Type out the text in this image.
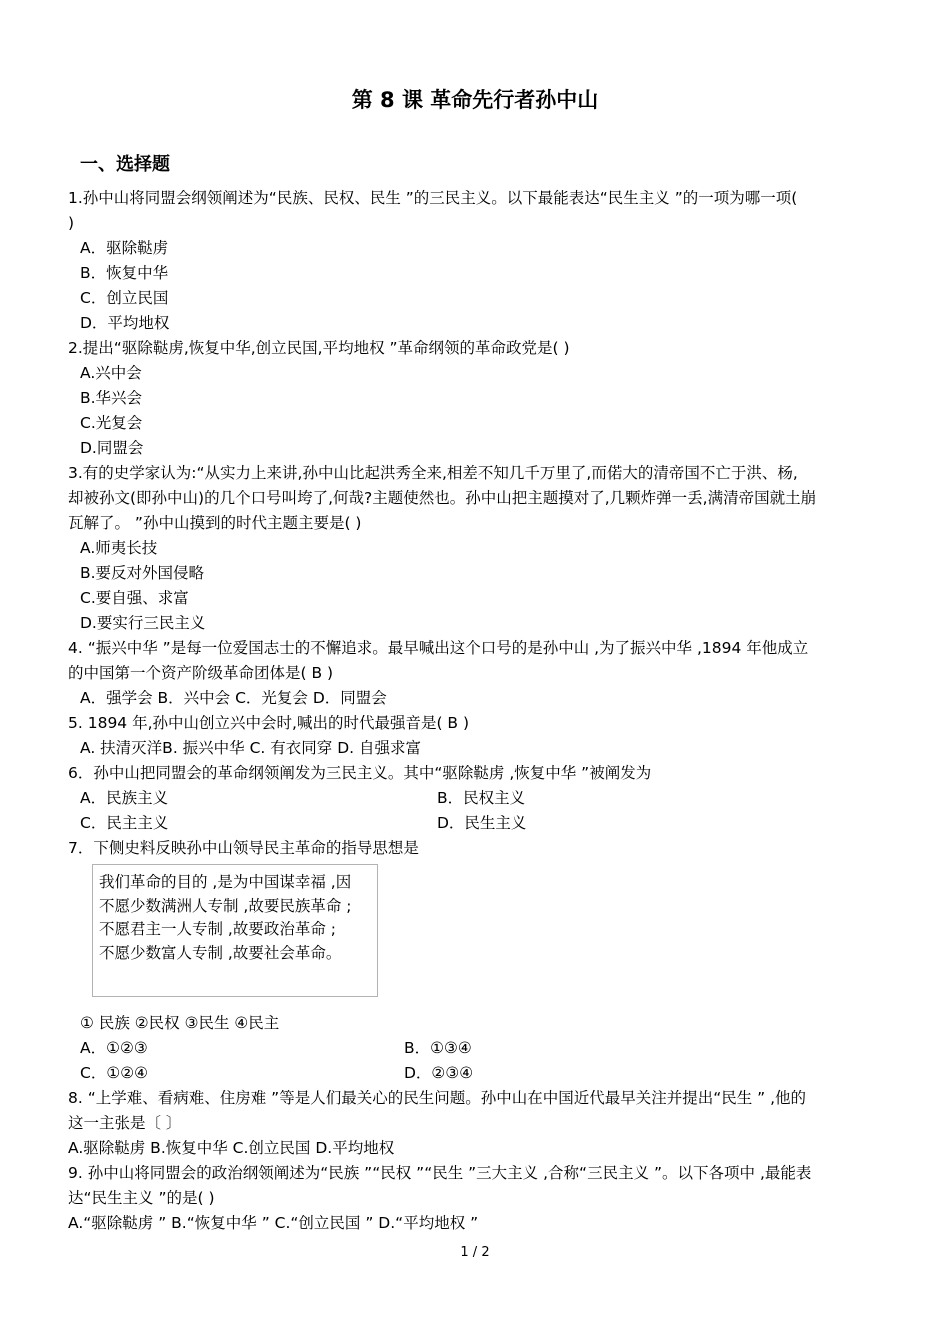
第 8 课 革命先行者孙中山
一、选择题
1.孙中山将同盟会纲领阐述为“民族、民权、民生 ”的三民主义。以下最能表达“民生主义 ”的一项为哪一项(
)
A．驱除鞑虏
B．恢复中华
C．创立民国
D．平均地权
2.提出“驱除鞑虏,恢复中华,创立民国,平均地权 ”革命纲领的革命政党是( )
A.兴中会
B.华兴会
C.光复会
D.同盟会
3.有的史学家认为:“从实力上来讲,孙中山比起洪秀全来,相差不知几千万里了,而偌大的清帝国不亡于洪、杨,
却被孙文(即孙中山)的几个口号叫垮了,何哉?主题使然也。孙中山把主题摸对了,几颗炸弹一丢,满清帝国就土崩
瓦解了。 ”孙中山摸到的时代主题主要是( )
A.师夷长技
B.要反对外国侵略
C.要自强、求富
D.要实行三民主义
4. “振兴中华 ”是每一位爱国志士的不懈追求。最早喊出这个口号的是孙中山 ,为了振兴中华 ,1894 年他成立
的中国第一个资产阶级革命团体是( B )
A．强学会 B．兴中会 C．光复会 D．同盟会
5. 1894 年,孙中山创立兴中会时,喊出的时代最强音是( B )
A. 扶清灭洋B. 振兴中华 C. 有衣同穿 D. 自强求富
6．孙中山把同盟会的革命纲领阐发为三民主义。其中“驱除鞑虏 ,恢复中华 ”被阐发为
A．民族主义	B．民权主义
C．民主主义	D．民生主义
7．下侧史料反映孙中山领导民主革命的指导思想是
我们革命的目的 ,是为中国谋幸福 ,因
不愿少数满洲人专制 ,故要民族革命 ;
不愿君主一人专制 ,故要政治革命 ;
不愿少数富人专制 ,故要社会革命。
① 民族 ②民权 ③民生 ④民主
A．①②③	B．①③④
C．①②④	D．②③④
8. “上学难、看病难、住房难 ”等是人们最关心的民生问题。孙中山在中国近代最早关注并提出“民生 ” ,他的
这一主张是〔 〕
A.驱除鞑虏 B.恢复中华 C.创立民国 D.平均地权
9. 孙中山将同盟会的政治纲领阐述为“民族 ”“民权 ”“民生 ”三大主义 ,合称“三民主义 ”。以下各项中 ,最能表
达“民生主义 ”的是( )
A.“驱除鞑虏 ” B.“恢复中华 ” C.“创立民国 ” D.“平均地权 ”
1 / 2
